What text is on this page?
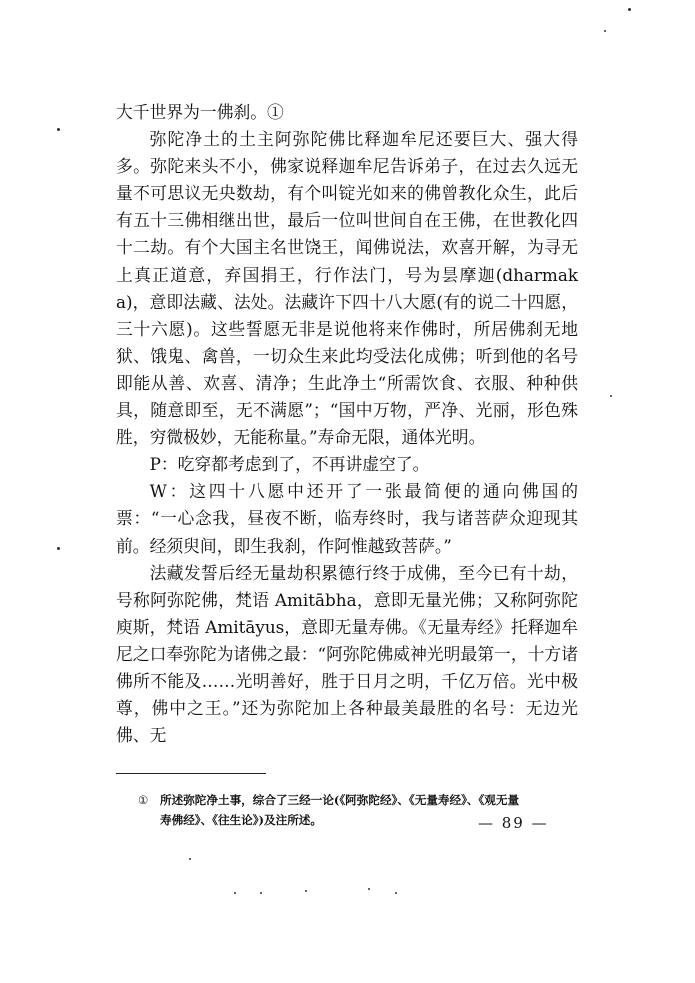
大千世界为一佛刹。①

弥陀净土的土主阿弥陀佛比释迦牟尼还要巨大、强大得多。弥陀来头不小，佛家说释迦牟尼告诉弟子，在过去久远无量不可思议无央数劫，有个叫锭光如来的佛曾教化众生，此后有五十三佛相继出世，最后一位叫世间自在王佛，在世教化四十二劫。有个大国主名世饶王，闻佛说法，欢喜开解，为寻无上真正道意，弃国捐王，行作法门，号为昙摩迦(dharmaka)，意即法藏、法处。法藏许下四十八大愿(有的说二十四愿，三十六愿)。这些誓愿无非是说他将来作佛时，所居佛刹无地狱、饿鬼、禽兽，一切众生来此均受法化成佛；听到他的名号即能从善、欢喜、清净；生此净土“所需饮食、衣服、种种供具，随意即至，无不满愿”；“国中万物，严净、光丽，形色殊胜，穷微极妙，无能称量。”寿命无限，通体光明。

P：吃穿都考虑到了，不再讲虚空了。

W：这四十八愿中还开了一张最简便的通向佛国的票：“一心念我，昼夜不断，临寿终时，我与诸菩萨众迎现其前。经须臾间，即生我刹，作阿惟越致菩萨。”

法藏发誓后经无量劫积累德行终于成佛，至今已有十劫，号称阿弥陀佛，梵语 Amitābha，意即无量光佛；又称阿弥陀庾斯，梵语 Amitāyus，意即无量寿佛。《无量寿经》托释迦牟尼之口奉弥陀为诸佛之最：“阿弥陀佛威神光明最第一，十方诸佛所不能及……光明善好，胜于日月之明，千亿万倍。光中极尊，佛中之王。”还为弥陀加上各种最美最胜的名号：无边光佛、无

① 所述弥陀净土事，综合了三经一论(《阿弥陀经》、《无量寿经》、《观无量
寿佛经》、《往生论》)及注所述。	— 89 —
